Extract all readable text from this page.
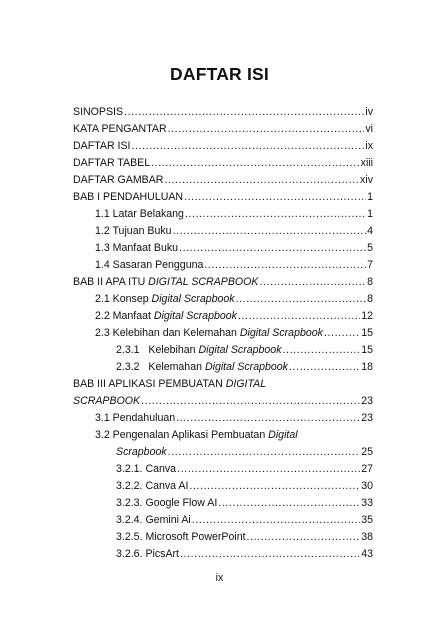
DAFTAR ISI
SINOPSIS .....	iv
KATA PENGANTAR .....	vi
DAFTAR ISI .....	ix
DAFTAR TABEL .....	xiii
DAFTAR GAMBAR .....	xiv
BAB I PENDAHULUAN .....	1
1.1 Latar Belakang .....	1
1.2 Tujuan Buku .....	4
1.3 Manfaat Buku .....	5
1.4 Sasaran Pengguna .....	7
BAB II APA ITU DIGITAL SCRAPBOOK .....	8
2.1 Konsep Digital Scrapbook .....	8
2.2 Manfaat Digital Scrapbook .....	12
2.3 Kelebihan dan Kelemahan Digital Scrapbook .....	15
2.3.1   Kelebihan Digital Scrapbook .....	15
2.3.2   Kelemahan Digital Scrapbook .....	18
BAB III APLIKASI PEMBUATAN DIGITAL
SCRAPBOOK .....	23
3.1 Pendahuluan .....	23
3.2 Pengenalan Aplikasi Pembuatan Digital
Scrapbook .....	25
3.2.1. Canva .....	27
3.2.2. Canva AI .....	30
3.2.3. Google Flow AI .....	33
3.2.4. Gemini Ai .....	35
3.2.5. Microsoft PowerPoint .....	38
3.2.6. PicsArt .....	43
ix
